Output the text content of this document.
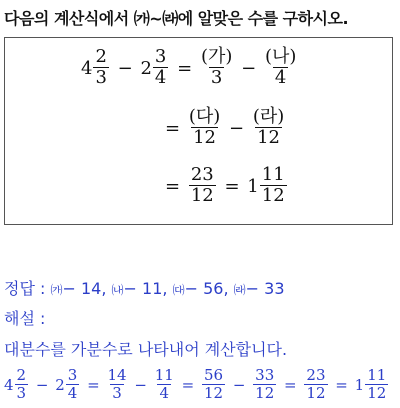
다음의 계산식에서 ㈎~㈑에 알맞은 수를 구하시오.
$4 \frac{2}{3} - 2 \frac{3}{4} = \frac{\text{(가)}}{3} - \frac{\text{(나)}}{4}$
= $\frac{\text{(다)}}{12} - \frac{\text{(라)}}{12}$
= $\frac{23}{12} = 1 \frac{11}{12}$
정답 : ㈎− 14, ㈏− 11, ㈐− 56, ㈑− 33
해설 :
대분수를 가분수로 나타내어 계산합니다.
$4 \frac{2}{3} - 2 \frac{3}{4} = \frac{14}{3} - \frac{11}{4} = \frac{56}{12} - \frac{33}{12} = \frac{23}{12} = 1 \frac{11}{12}$
